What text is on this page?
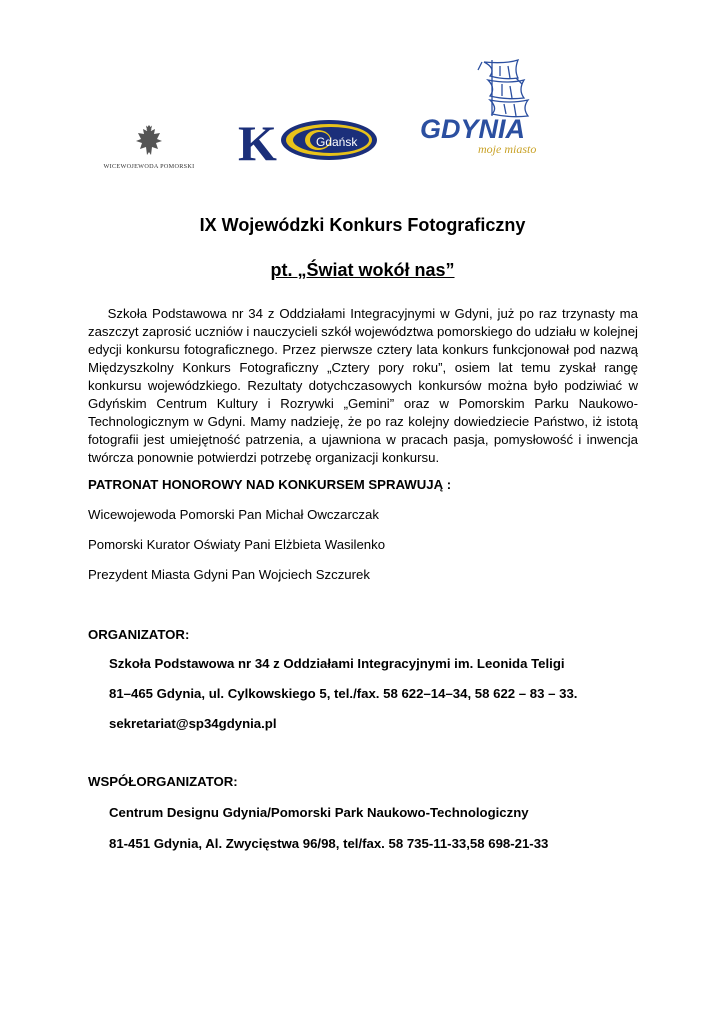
WICEWOJEWODA POMORSKI K	Gdańsk GDYNIA
moje miasto
IX Wojewódzki Konkurs Fotograficzny
pt. „Świat wokół nas”

Szkoła Podstawowa nr 34 z Oddziałami Integracyjnymi w Gdyni, już po raz trzynasty ma zaszczyt zaprosić uczniów i nauczycieli szkół województwa pomorskiego do udziału w kolejnej edycji konkursu fotograficznego. Przez pierwsze cztery lata konkurs funkcjonował pod nazwą Międzyszkolny Konkurs Fotograficzny „Cztery pory roku”, osiem lat temu zyskał rangę konkursu wojewódzkiego. Rezultaty dotychczasowych konkursów można było podziwiać w Gdyńskim Centrum Kultury i Rozrywki „Gemini” oraz w Pomorskim Parku Naukowo-Technologicznym w Gdyni. Mamy nadzieję, że po raz kolejny dowiedziecie Państwo, iż istotą fotografii jest umiejętność patrzenia, a ujawniona w pracach pasja, pomysłowość i inwencja twórcza ponownie potwierdzi potrzebę organizacji konkursu.

PATRONAT HONOROWY NAD KONKURSEM SPRAWUJĄ :

Wicewojewoda Pomorski Pan Michał Owczarczak

Pomorski Kurator Oświaty Pani Elżbieta Wasilenko

Prezydent Miasta Gdyni Pan Wojciech Szczurek

ORGANIZATOR:

Szkoła Podstawowa nr 34 z Oddziałami Integracyjnymi im. Leonida Teligi

81–465 Gdynia, ul. Cylkowskiego 5, tel./fax. 58 622–14–34, 58 622 – 83 – 33.

sekretariat@sp34gdynia.pl

WSPÓŁORGANIZATOR:

Centrum Designu Gdynia/Pomorski Park Naukowo-Technologiczny

81-451 Gdynia, Al. Zwycięstwa 96/98, tel/fax. 58 735-11-33,58 698-21-33
